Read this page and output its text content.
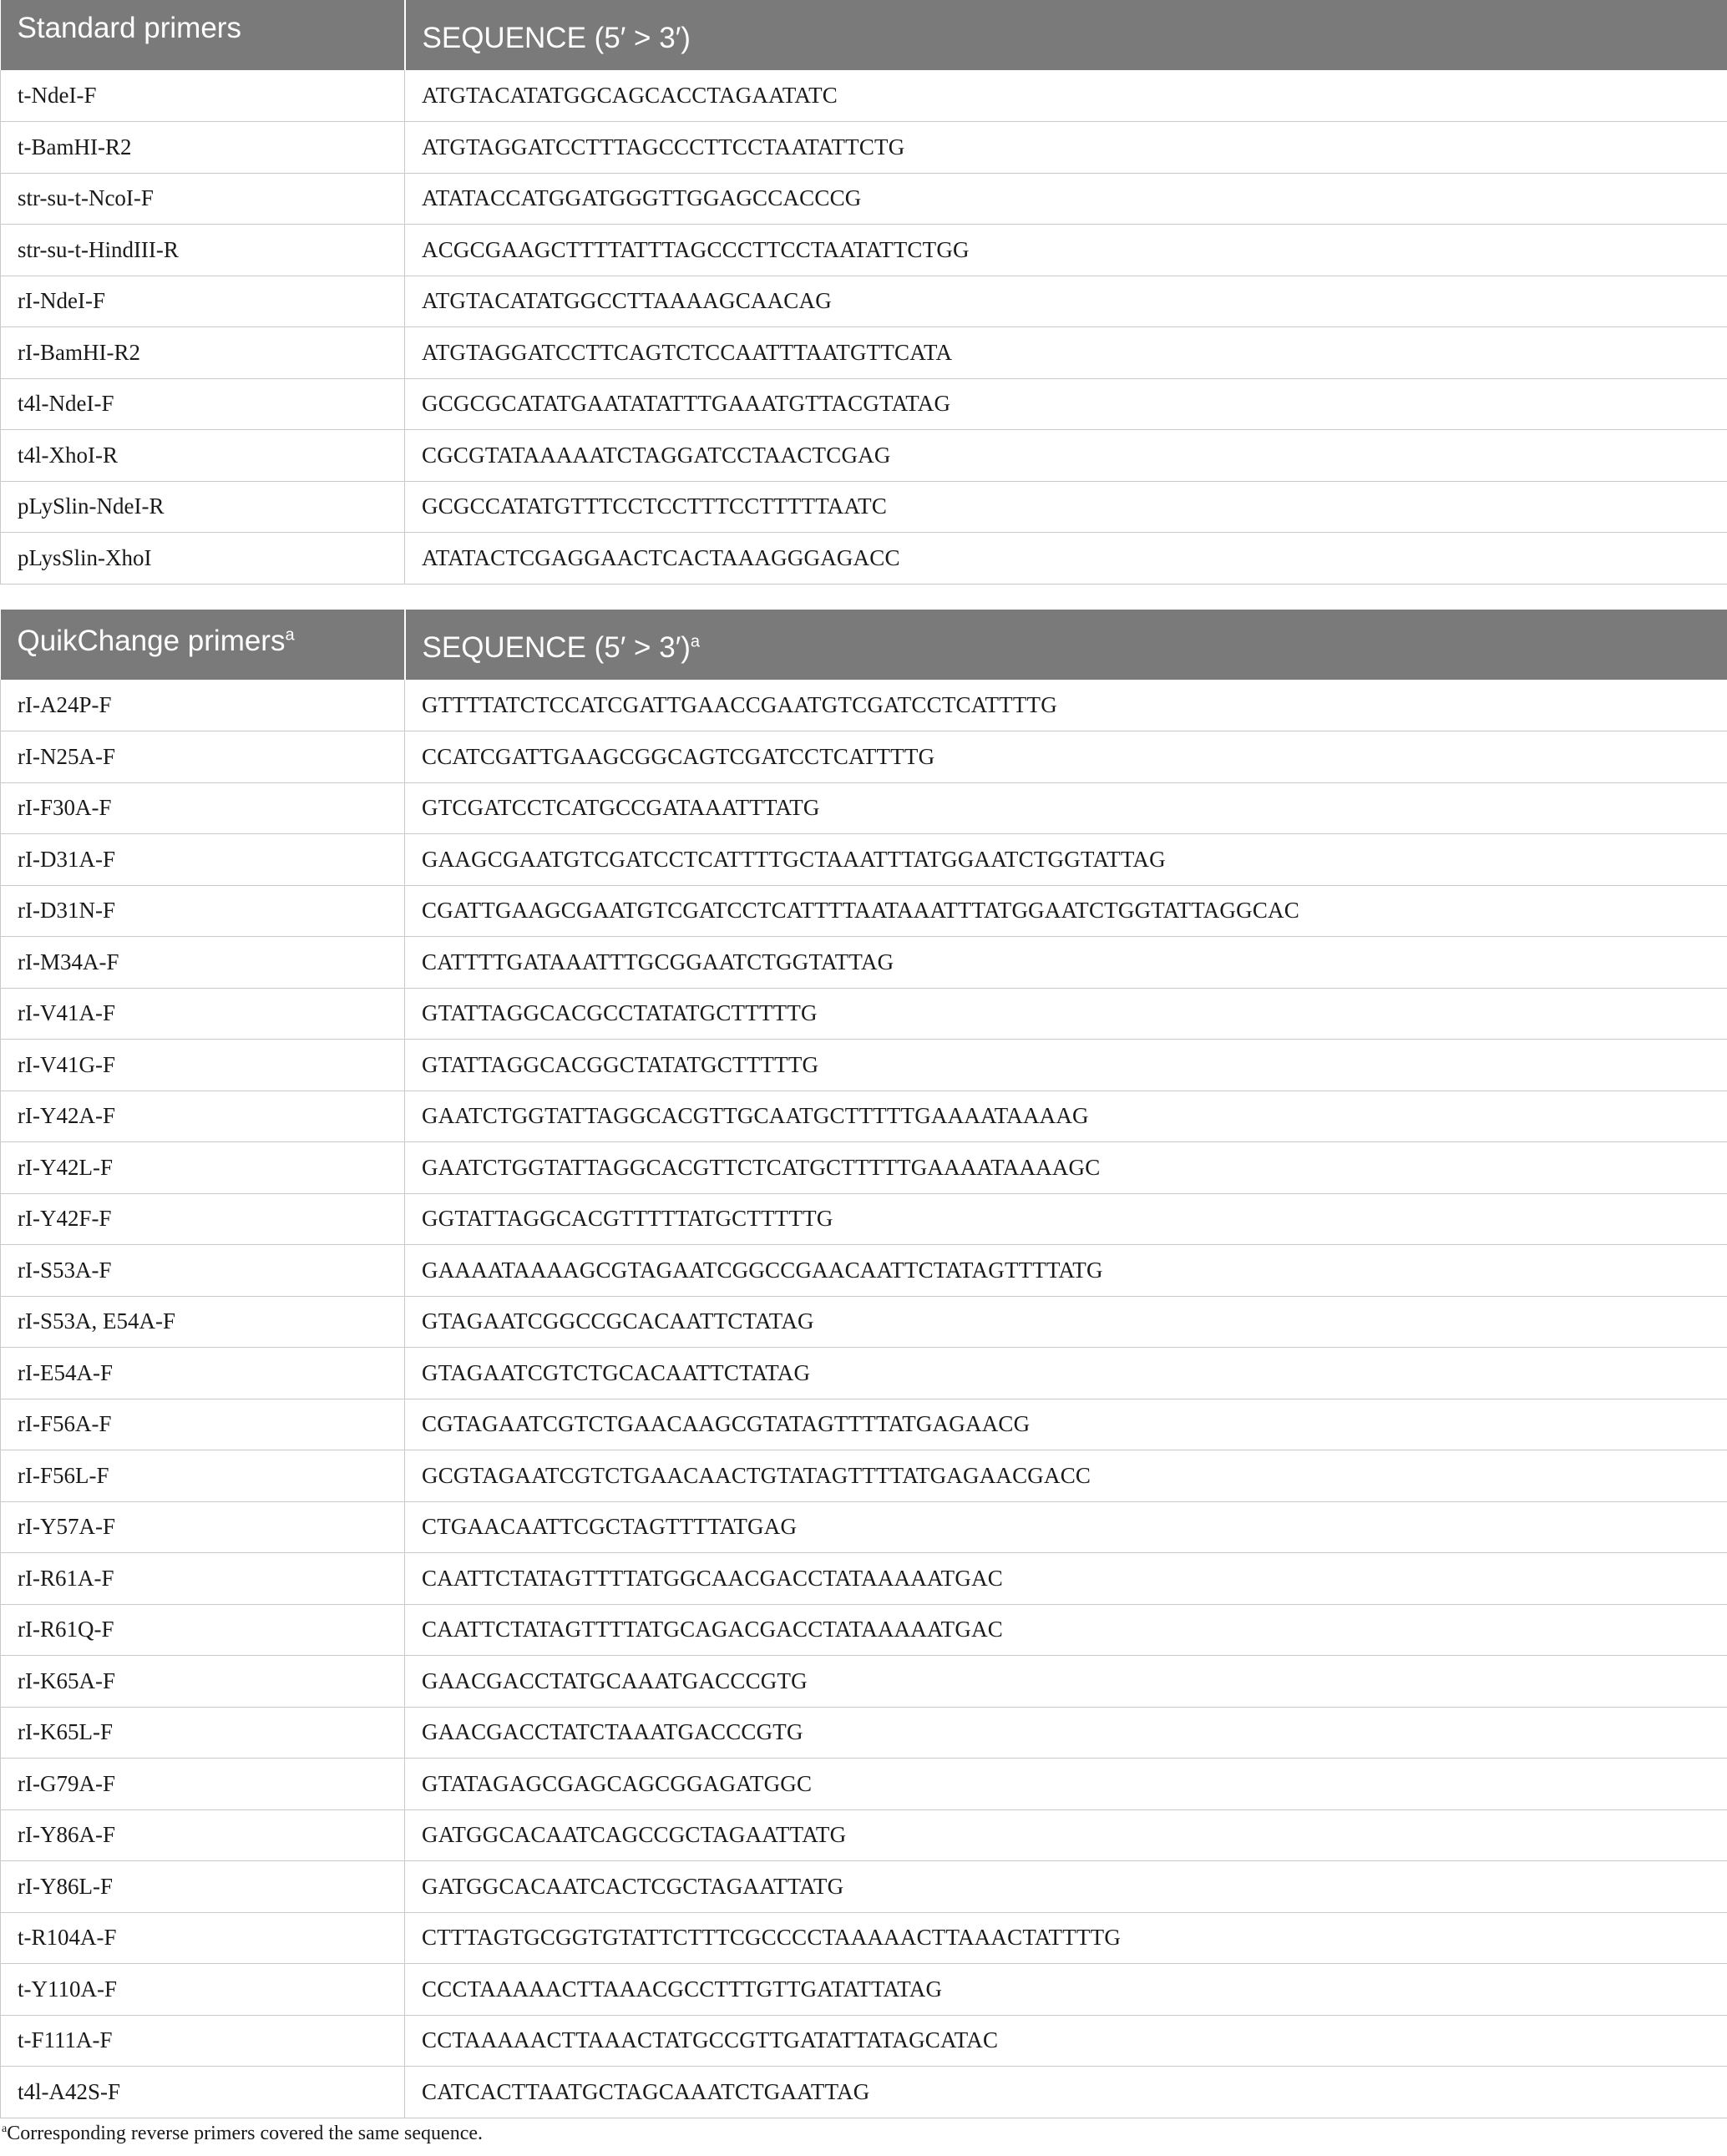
Standard primers	SEQUENCE (5′ > 3′)
t-NdeI-F	ATGTACATATGGCAGCACCTAGAATATC
t-BamHI-R2	ATGTAGGATCCTTTAGCCCTTCCTAATATTCTG
str-su-t-NcoI-F	ATATACCATGGATGGGTTGGAGCCACCCG
str-su-t-HindIII-R	ACGCGAAGCTTTTATTTAGCCCTTCCTAATATTCTGG
rI-NdeI-F	ATGTACATATGGCCTTAAAAGCAACAG
rI-BamHI-R2	ATGTAGGATCCTTCAGTCTCCAATTTAATGTTCATA
t4l-NdeI-F	GCGCGCATATGAATATATTTGAAATGTTACGTATAG
t4l-XhoI-R	CGCGTATAAAAATCTAGGATCCTAACTCGAG
pLySlin-NdeI-R	GCGCCATATGTTTCCTCCTTTCCTTTTTAATC
pLysSlin-XhoI	ATATACTCGAGGAACTCACTAAAGGGAGACC
QuikChange primers$^a$	SEQUENCE (5′ > 3′)$^a$
rI-A24P-F	GTTTTATCTCCATCGATTGAACCGAATGTCGATCCTCATTTTG
rI-N25A-F	CCATCGATTGAAGCGGCAGTCGATCCTCATTTTG
rI-F30A-F	GTCGATCCTCATGCCGATAAATTTATG
rI-D31A-F	GAAGCGAATGTCGATCCTCATTTTGCTAAATTTATGGAATCTGGTATTAG
rI-D31N-F	CGATTGAAGCGAATGTCGATCCTCATTTTAATAAATTTATGGAATCTGGTATTAGGCAC
rI-M34A-F	CATTTTGATAAATTTGCGGAATCTGGTATTAG
rI-V41A-F	GTATTAGGCACGCCTATATGCTTTTTG
rI-V41G-F	GTATTAGGCACGGCTATATGCTTTTTG
rI-Y42A-F	GAATCTGGTATTAGGCACGTTGCAATGCTTTTTGAAAATAAAAG
rI-Y42L-F	GAATCTGGTATTAGGCACGTTCTCATGCTTTTTGAAAATAAAAGC
rI-Y42F-F	GGTATTAGGCACGTTTTTATGCTTTTTG
rI-S53A-F	GAAAATAAAAGCGTAGAATCGGCCGAACAATTCTATAGTTTTATG
rI-S53A, E54A-F	GTAGAATCGGCCGCACAATTCTATAG
rI-E54A-F	GTAGAATCGTCTGCACAATTCTATAG
rI-F56A-F	CGTAGAATCGTCTGAACAAGCGTATAGTTTTATGAGAACG
rI-F56L-F	GCGTAGAATCGTCTGAACAACTGTATAGTTTTATGAGAACGACC
rI-Y57A-F	CTGAACAATTCGCTAGTTTTATGAG
rI-R61A-F	CAATTCTATAGTTTTATGGCAACGACCTATAAAAATGAC
rI-R61Q-F	CAATTCTATAGTTTTATGCAGACGACCTATAAAAATGAC
rI-K65A-F	GAACGACCTATGCAAATGACCCGTG
rI-K65L-F	GAACGACCTATCTAAATGACCCGTG
rI-G79A-F	GTATAGAGCGAGCAGCGGAGATGGC
rI-Y86A-F	GATGGCACAATCAGCCGCTAGAATTATG
rI-Y86L-F	GATGGCACAATCACTCGCTAGAATTATG
t-R104A-F	CTTTAGTGCGGTGTATTCTTTCGCCCCTAAAAACTTAAACTATTTTG
t-Y110A-F	CCCTAAAAACTTAAACGCCTTTGTTGATATTATAG
t-F111A-F	CCTAAAAACTTAAACTATGCCGTTGATATTATAGCATAC
t4l-A42S-F	CATCACTTAATGCTAGCAAATCTGAATTAG
$^a$Corresponding reverse primers covered the same sequence.
